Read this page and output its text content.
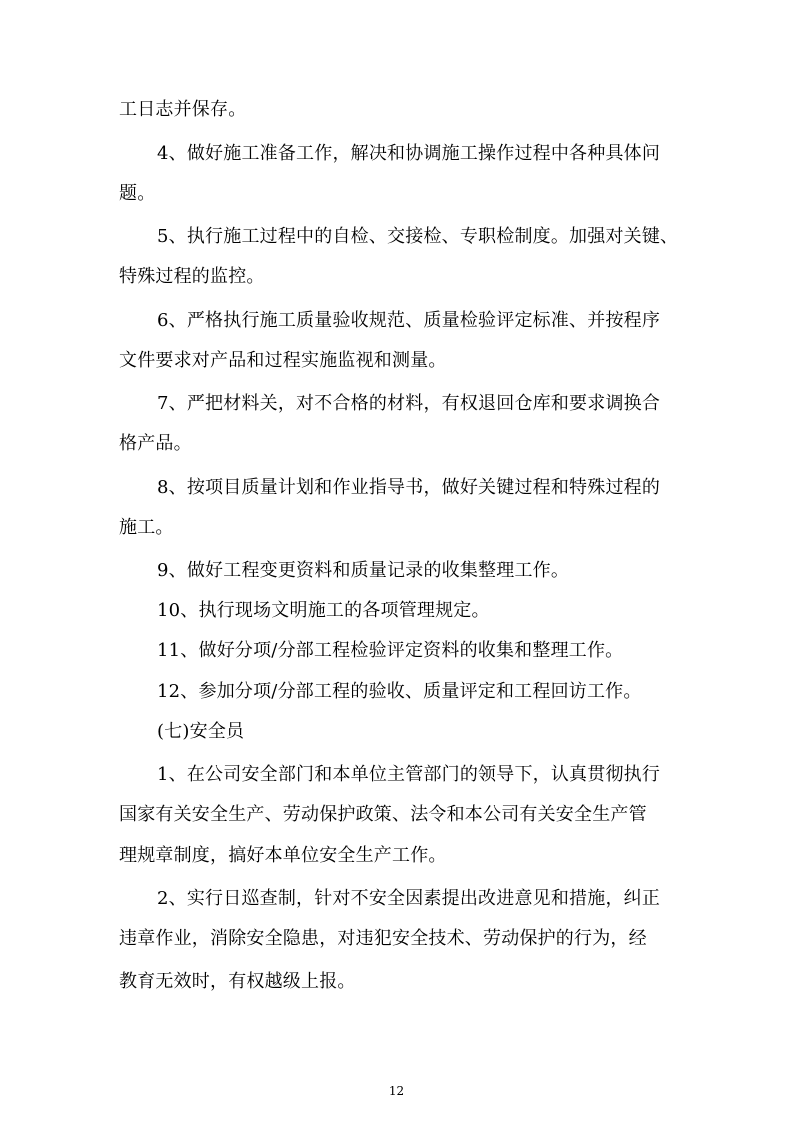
工日志并保存。
4、做好施工准备工作，解决和协调施工操作过程中各种具体问
题。
5、执行施工过程中的自检、交接检、专职检制度。加强对关键、
特殊过程的监控。
6、严格执行施工质量验收规范、质量检验评定标准、并按程序
文件要求对产品和过程实施监视和测量。
7、严把材料关，对不合格的材料，有权退回仓库和要求调换合
格产品。
8、按项目质量计划和作业指导书，做好关键过程和特殊过程的
施工。
9、做好工程变更资料和质量记录的收集整理工作。
10、执行现场文明施工的各项管理规定。
11、做好分项/分部工程检验评定资料的收集和整理工作。
12、参加分项/分部工程的验收、质量评定和工程回访工作。
(七)安全员
1、在公司安全部门和本单位主管部门的领导下，认真贯彻执行
国家有关安全生产、劳动保护政策、法令和本公司有关安全生产管
理规章制度，搞好本单位安全生产工作。
2、实行日巡查制，针对不安全因素提出改进意见和措施，纠正
违章作业，消除安全隐患，对违犯安全技术、劳动保护的行为，经
教育无效时，有权越级上报。
12
